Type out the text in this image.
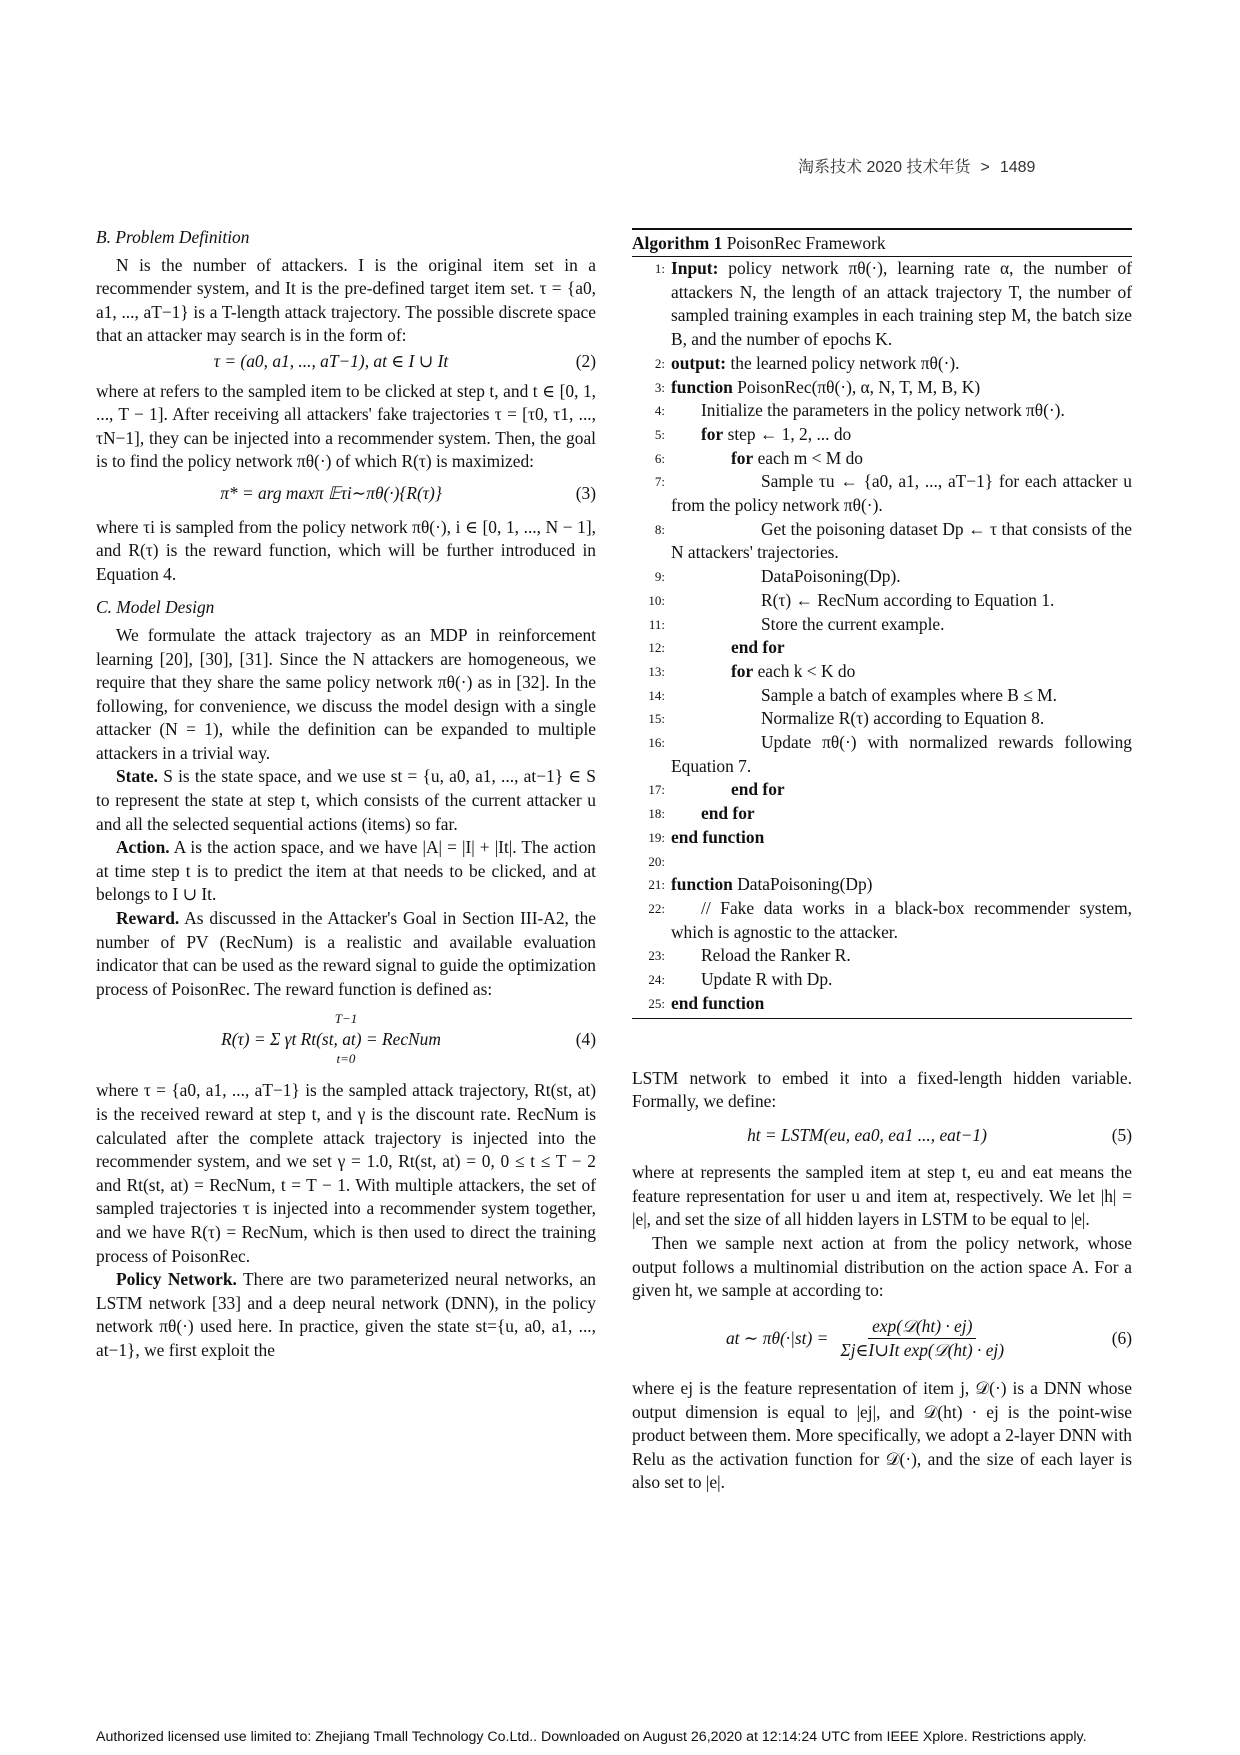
淘系技术 2020 技术年货 > 1489
B. Problem Definition

N is the number of attackers. I is the original item set in a recommender system, and It is the pre-defined target item set. τ = {a0, a1, ..., aT−1} is a T-length attack trajectory. The possible discrete space that an attacker may search is in the form of:

τ = (a0, a1, ..., aT−1), at ∈ I ∪ It	(2)

where at refers to the sampled item to be clicked at step t, and t ∈ [0, 1, ..., T − 1]. After receiving all attackers' fake trajectories τ = [τ0, τ1, ..., τN−1], they can be injected into a recommender system. Then, the goal is to find the policy network πθ(·) of which R(τ) is maximized:

π* = arg maxπ 𝔼τi∼πθ(·){R(τ)}	(3)

where τi is sampled from the policy network πθ(·), i ∈ [0, 1, ..., N − 1], and R(τ) is the reward function, which will be further introduced in Equation 4.

C. Model Design

We formulate the attack trajectory as an MDP in reinforcement learning [20], [30], [31]. Since the N attackers are homogeneous, we require that they share the same policy network πθ(·) as in [32]. In the following, for convenience, we discuss the model design with a single attacker (N = 1), while the definition can be expanded to multiple attackers in a trivial way.

State. S is the state space, and we use st = {u, a0, a1, ..., at−1} ∈ S to represent the state at step t, which consists of the current attacker u and all the selected sequential actions (items) so far.

Action. A is the action space, and we have |A| = |I| + |It|. The action at time step t is to predict the item at that needs to be clicked, and at belongs to I ∪ It.

Reward. As discussed in the Attacker's Goal in Section III-A2, the number of PV (RecNum) is a realistic and available evaluation indicator that can be used as the reward signal to guide the optimization process of PoisonRec. The reward function is defined as:

T−1
R(τ) = Σ γt Rt(st, at) = RecNum
t=0
(4)

where τ = {a0, a1, ..., aT−1} is the sampled attack trajectory, Rt(st, at) is the received reward at step t, and γ is the discount rate. RecNum is calculated after the complete attack trajectory is injected into the recommender system, and we set γ = 1.0, Rt(st, at) = 0, 0 ≤ t ≤ T − 2 and Rt(st, at) = RecNum, t = T − 1. With multiple attackers, the set of sampled trajectories τ is injected into a recommender system together, and we have R(τ) = RecNum, which is then used to direct the training process of PoisonRec.

Policy Network. There are two parameterized neural networks, an LSTM network [33] and a deep neural network (DNN), in the policy network πθ(·) used here. In practice, given the state st={u, a0, a1, ..., at−1}, we first exploit the

Algorithm 1 PoisonRec Framework
1: Input: policy network πθ(·), learning rate α, the number of attackers N, the length of an attack trajectory T, the number of sampled training examples in each training step M, the batch size B, and the number of epochs K.
2: output: the learned policy network πθ(·).
3: function PoisonRec(πθ(·), α, N, T, M, B, K)
4:	Initialize the parameters in the policy network πθ(·).
5:	for step ← 1, 2, ... do
6:	for each m < M do
7:	Sample τu ← {a0, a1, ..., aT−1} for each attacker u from the policy network πθ(·).
8:	Get the poisoning dataset Dp ← τ that consists of the N attackers' trajectories.
9:	DataPoisoning(Dp).
10:	R(τ) ← RecNum according to Equation 1.
11:	Store the current example.
12:	end for
13:	for each k < K do
14:	Sample a batch of examples where B ≤ M.
15:	Normalize R(τ) according to Equation 8.
16:	Update πθ(·) with normalized rewards following Equation 7.
17:	end for
18:	end for
19: end function
20:
21: function DataPoisoning(Dp)
22:	// Fake data works in a black-box recommender system, which is agnostic to the attacker.
23:	Reload the Ranker R.
24:	Update R with Dp.
25: end function

LSTM network to embed it into a fixed-length hidden variable. Formally, we define:

ht = LSTM(eu, ea0, ea1 ..., eat−1)	(5)

where at represents the sampled item at step t, eu and eat means the feature representation for user u and item at, respectively. We let |h| = |e|, and set the size of all hidden layers in LSTM to be equal to |e|.

Then we sample next action at from the policy network, whose output follows a multinomial distribution on the action space A. For a given ht, we sample at according to:

at ∼ πθ(·|st) =
exp(𝒟(ht) · ej)
Σj∈I∪It exp(𝒟(ht) · ej)
(6)

where ej is the feature representation of item j, 𝒟(·) is a DNN whose output dimension is equal to |ej|, and 𝒟(ht) · ej is the point-wise product between them. More specifically, we adopt a 2-layer DNN with Relu as the activation function for 𝒟(·), and the size of each layer is also set to |e|.

Authorized licensed use limited to: Zhejiang Tmall Technology Co.Ltd.. Downloaded on August 26,2020 at 12:14:24 UTC from IEEE Xplore. Restrictions apply.
